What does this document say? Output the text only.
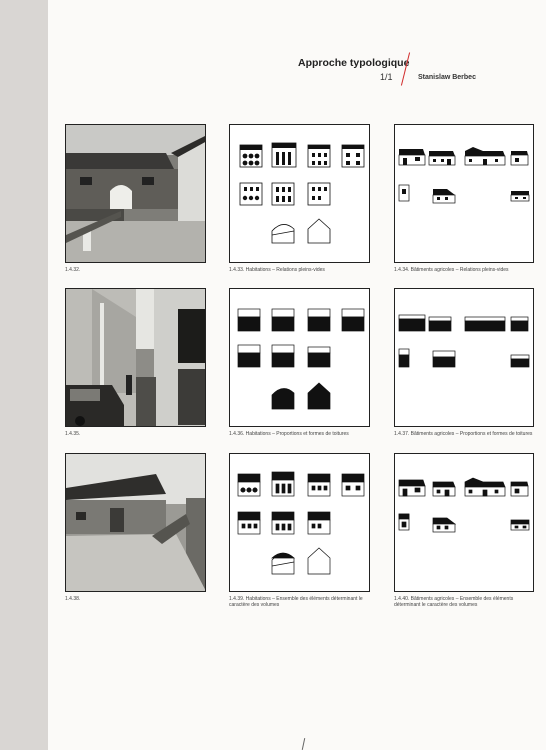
Approche typologique
1/1	Stanislaw Berbec
1.4.32.	1.4.33. Habitations – Relations pleins-vides	1.4.34. Bâtiments agricoles – Relations pleins-vides
1.4.35.	1.4.36. Habitations – Proportions et formes de toitures	1.4.37. Bâtiments agricoles – Proportions et formes de toitures
1.4.38.	1.4.39. Habitations – Ensemble des éléments déterminant le caractère des volumes
1.4.40. Bâtiments agricoles – Ensemble des éléments déterminant le caractère des volumes
